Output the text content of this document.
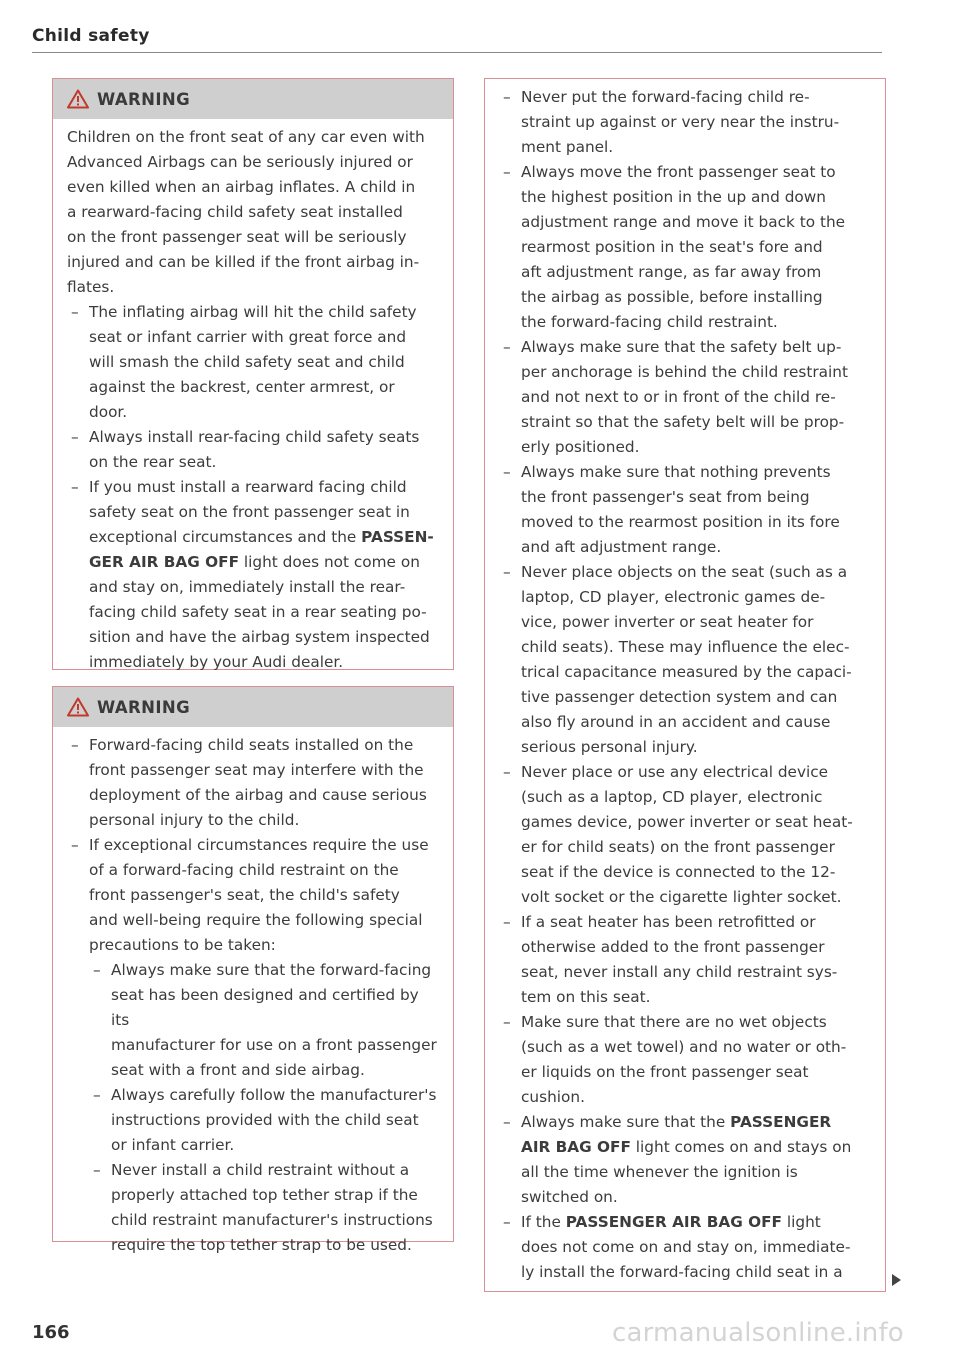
Child safety
WARNING
Children on the front seat of any car even with
Advanced Airbags can be seriously injured or
even killed when an airbag inflates. A child in
a rearward-facing child safety seat installed
on the front passenger seat will be seriously
injured and can be killed if the front airbag in-
flates.
– The inflating airbag will hit the child safety
seat or infant carrier with great force and
will smash the child safety seat and child
against the backrest, center armrest, or
door.
– Always install rear-facing child safety seats
on the rear seat.
– If you must install a rearward facing child
safety seat on the front passenger seat in
exceptional circumstances and the PASSEN-
GER AIR BAG OFF light does not come on
and stay on, immediately install the rear-
facing child safety seat in a rear seating po-
sition and have the airbag system inspected
immediately by your Audi dealer.
WARNING
– Forward-facing child seats installed on the
front passenger seat may interfere with the
deployment of the airbag and cause serious
personal injury to the child.
– If exceptional circumstances require the use
of a forward-facing child restraint on the
front passenger's seat, the child's safety
and well-being require the following special
precautions to be taken:
– Always make sure that the forward-facing
seat has been designed and certified by its
manufacturer for use on a front passenger
seat with a front and side airbag.
– Always carefully follow the manufacturer's
instructions provided with the child seat
or infant carrier.
– Never install a child restraint without a
properly attached top tether strap if the
child restraint manufacturer's instructions
require the top tether strap to be used.
– Never put the forward-facing child re-
straint up against or very near the instru-
ment panel.
– Always move the front passenger seat to
the highest position in the up and down
adjustment range and move it back to the
rearmost position in the seat's fore and
aft adjustment range, as far away from
the airbag as possible, before installing
the forward-facing child restraint.
– Always make sure that the safety belt up-
per anchorage is behind the child restraint
and not next to or in front of the child re-
straint so that the safety belt will be prop-
erly positioned.
– Always make sure that nothing prevents
the front passenger's seat from being
moved to the rearmost position in its fore
and aft adjustment range.
– Never place objects on the seat (such as a
laptop, CD player, electronic games de-
vice, power inverter or seat heater for
child seats). These may influence the elec-
trical capacitance measured by the capaci-
tive passenger detection system and can
also fly around in an accident and cause
serious personal injury.
– Never place or use any electrical device
(such as a laptop, CD player, electronic
games device, power inverter or seat heat-
er for child seats) on the front passenger
seat if the device is connected to the 12-
volt socket or the cigarette lighter socket.
– If a seat heater has been retrofitted or
otherwise added to the front passenger
seat, never install any child restraint sys-
tem on this seat.
– Make sure that there are no wet objects
(such as a wet towel) and no water or oth-
er liquids on the front passenger seat
cushion.
– Always make sure that the PASSENGER
AIR BAG OFF light comes on and stays on
all the time whenever the ignition is
switched on.
– If the PASSENGER AIR BAG OFF light
does not come on and stay on, immediate-
ly install the forward-facing child seat in a
166	carmanualsonline.info
